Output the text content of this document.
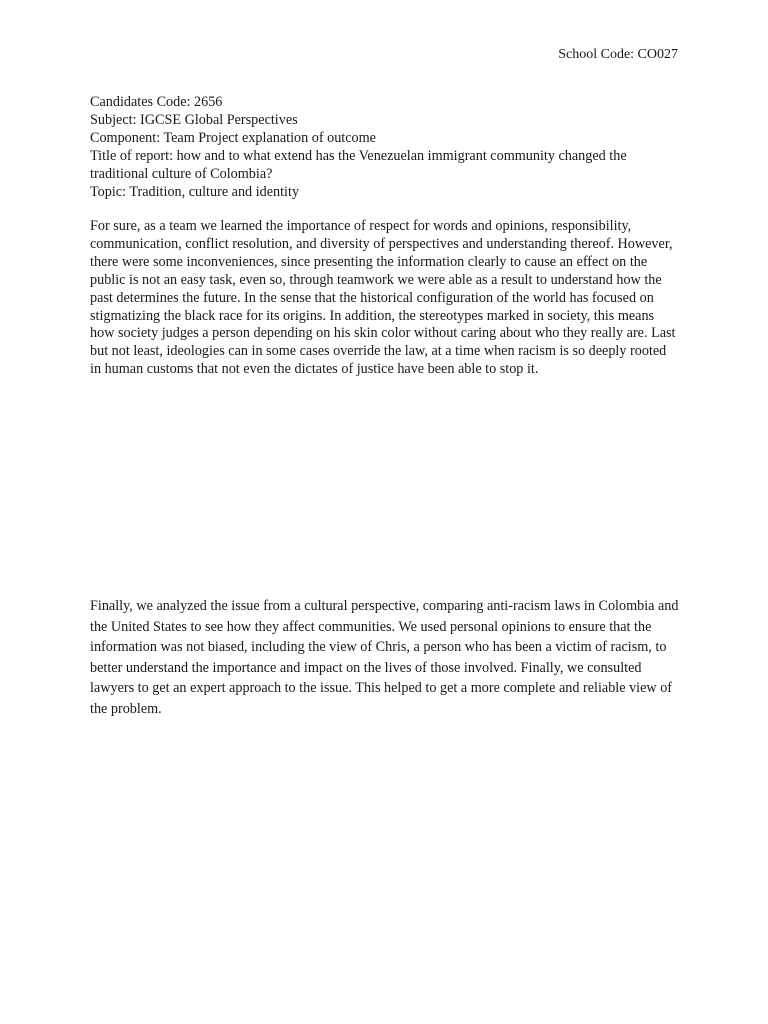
School Code: CO027
Candidates Code: 2656
Subject: IGCSE Global Perspectives
Component: Team Project explanation of outcome
Title of report: how and to what extend has the Venezuelan immigrant community changed the traditional culture of Colombia?
Topic: Tradition, culture and identity

For sure, as a team we learned the importance of respect for words and opinions, responsibility, communication, conflict resolution, and diversity of perspectives and understanding thereof. However, there were some inconveniences, since presenting the information clearly to cause an effect on the public is not an easy task, even so, through teamwork we were able as a result to understand how the past determines the future. In the sense that the historical configuration of the world has focused on stigmatizing the black race for its origins. In addition, the stereotypes marked in society, this means how society judges a person depending on his skin color without caring about who they really are. Last but not least, ideologies can in some cases override the law, at a time when racism is so deeply rooted in human customs that not even the dictates of justice have been able to stop it.

Finally, we analyzed the issue from a cultural perspective, comparing anti-racism laws in Colombia and the United States to see how they affect communities. We used personal opinions to ensure that the information was not biased, including the view of Chris, a person who has been a victim of racism, to better understand the importance and impact on the lives of those involved. Finally, we consulted lawyers to get an expert approach to the issue. This helped to get a more complete and reliable view of the problem.
